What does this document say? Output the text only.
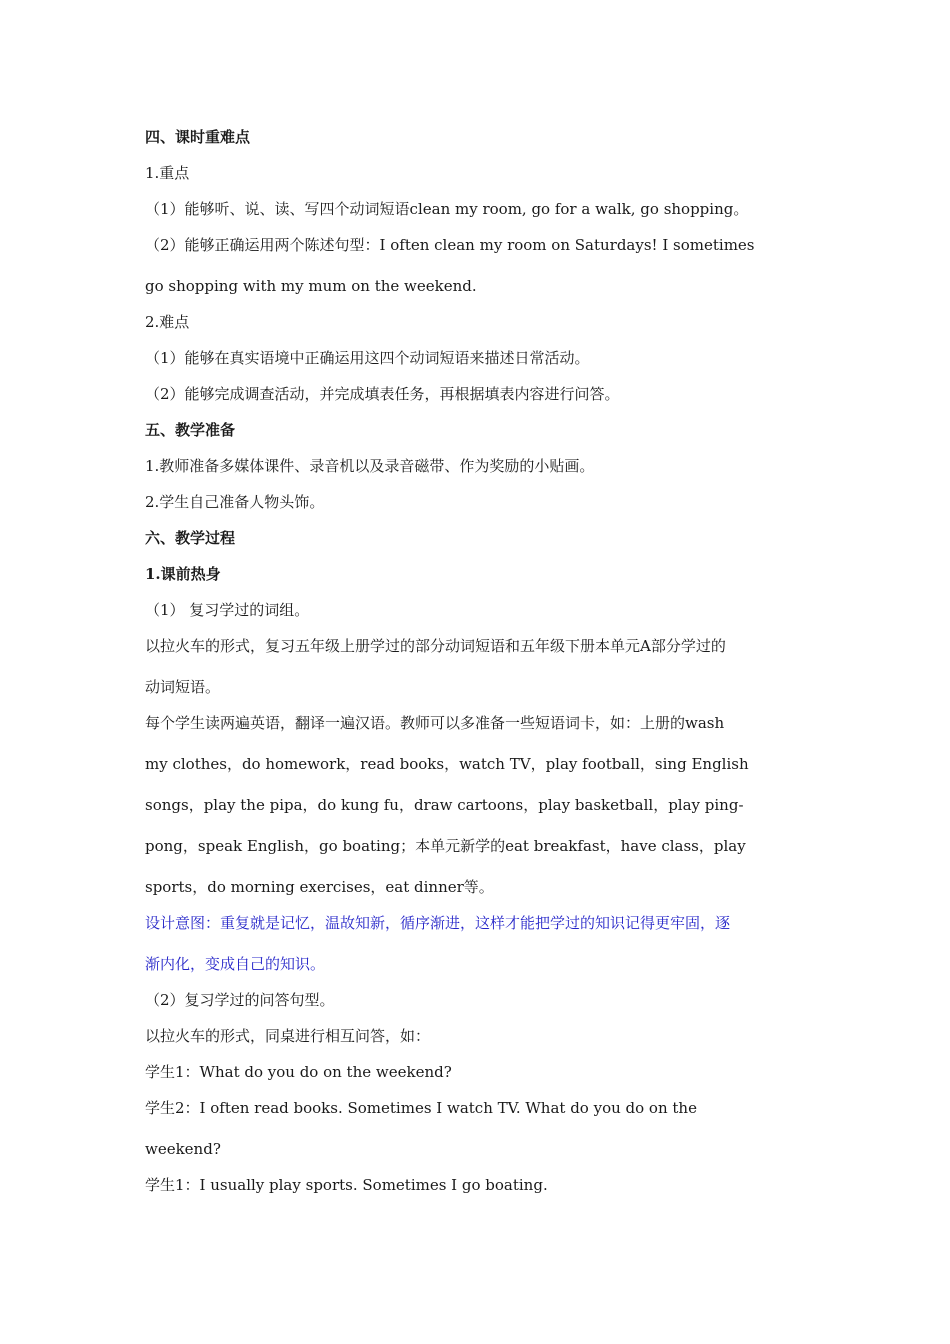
四、课时重难点
1.重点
（1）能够听、说、读、写四个动词短语clean my room, go for a walk, go shopping。
（2）能够正确运用两个陈述句型：I often clean my room on Saturdays! I sometimes
go shopping with my mum on the weekend.
2.难点
（1）能够在真实语境中正确运用这四个动词短语来描述日常活动。
（2）能够完成调查活动，并完成填表任务，再根据填表内容进行问答。
五、教学准备
1.教师准备多媒体课件、录音机以及录音磁带、作为奖励的小贴画。
2.学生自己准备人物头饰。
六、教学过程
1.课前热身
（1） 复习学过的词组。
以拉火车的形式，复习五年级上册学过的部分动词短语和五年级下册本单元A部分学过的
动词短语。
每个学生读两遍英语，翻译一遍汉语。教师可以多准备一些短语词卡，如：上册的wash
my clothes，do homework，read books，watch TV，play football，sing English
songs，play the pipa，do kung fu，draw cartoons，play basketball，play ping-
pong，speak English，go boating；本单元新学的eat breakfast，have class，play
sports，do morning exercises，eat dinner等。
设计意图：重复就是记忆，温故知新，循序渐进，这样才能把学过的知识记得更牢固，逐
渐内化，变成自己的知识。
（2）复习学过的问答句型。
以拉火车的形式，同桌进行相互问答，如：
学生1：What do you do on the weekend?
学生2：I often read books. Sometimes I watch TV. What do you do on the
weekend?
学生1：I usually play sports. Sometimes I go boating.
